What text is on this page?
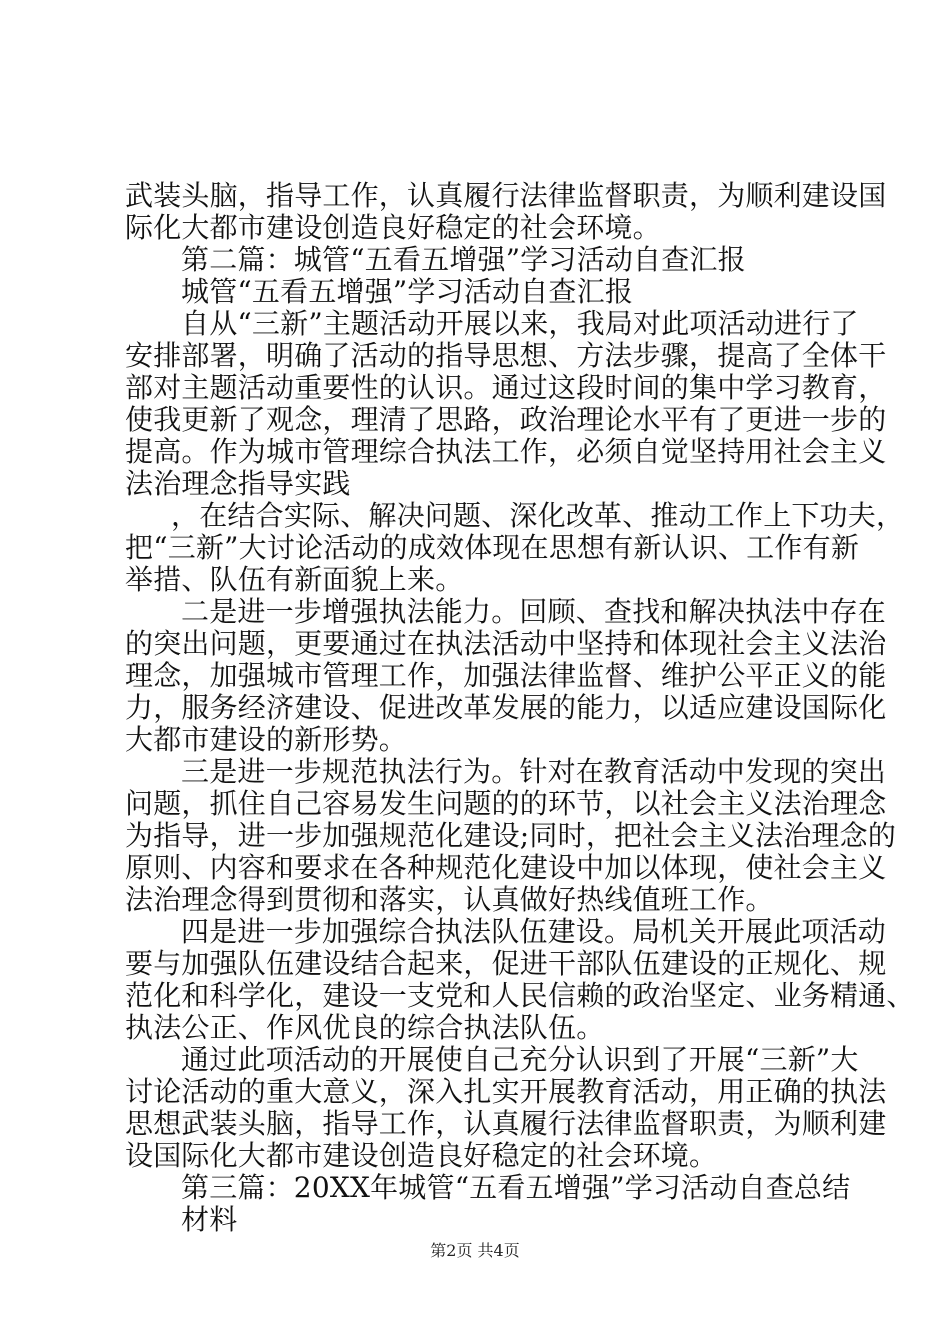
武装头脑，指导工作，认真履行法律监督职责，为顺利建设国
际化大都市建设创造良好稳定的社会环境。
第二篇：城管“五看五增强”学习活动自查汇报
城管“五看五增强”学习活动自查汇报
自从“三新”主题活动开展以来，我局对此项活动进行了
安排部署，明确了活动的指导思想、方法步骤，提高了全体干
部对主题活动重要性的认识。通过这段时间的集中学习教育，
使我更新了观念，理清了思路，政治理论水平有了更进一步的
提高。作为城市管理综合执法工作，必须自觉坚持用社会主义
法治理念指导实践
，在结合实际、解决问题、深化改革、推动工作上下功夫，
把“三新”大讨论活动的成效体现在思想有新认识、工作有新
举措、队伍有新面貌上来。
二是进一步增强执法能力。回顾、查找和解决执法中存在
的突出问题，更要通过在执法活动中坚持和体现社会主义法治
理念，加强城市管理工作，加强法律监督、维护公平正义的能
力，服务经济建设、促进改革发展的能力，以适应建设国际化
大都市建设的新形势。
三是进一步规范执法行为。针对在教育活动中发现的突出
问题，抓住自己容易发生问题的的环节，以社会主义法治理念
为指导，进一步加强规范化建设;同时，把社会主义法治理念的
原则、内容和要求在各种规范化建设中加以体现，使社会主义
法治理念得到贯彻和落实，认真做好热线值班工作。
四是进一步加强综合执法队伍建设。局机关开展此项活动
要与加强队伍建设结合起来，促进干部队伍建设的正规化、规
范化和科学化，建设一支党和人民信赖的政治坚定、业务精通、
执法公正、作风优良的综合执法队伍。
通过此项活动的开展使自己充分认识到了开展“三新”大
讨论活动的重大意义，深入扎实开展教育活动，用正确的执法
思想武装头脑，指导工作，认真履行法律监督职责，为顺利建
设国际化大都市建设创造良好稳定的社会环境。
第三篇：20XX年城管“五看五增强”学习活动自查总结
材料
第2页 共4页
